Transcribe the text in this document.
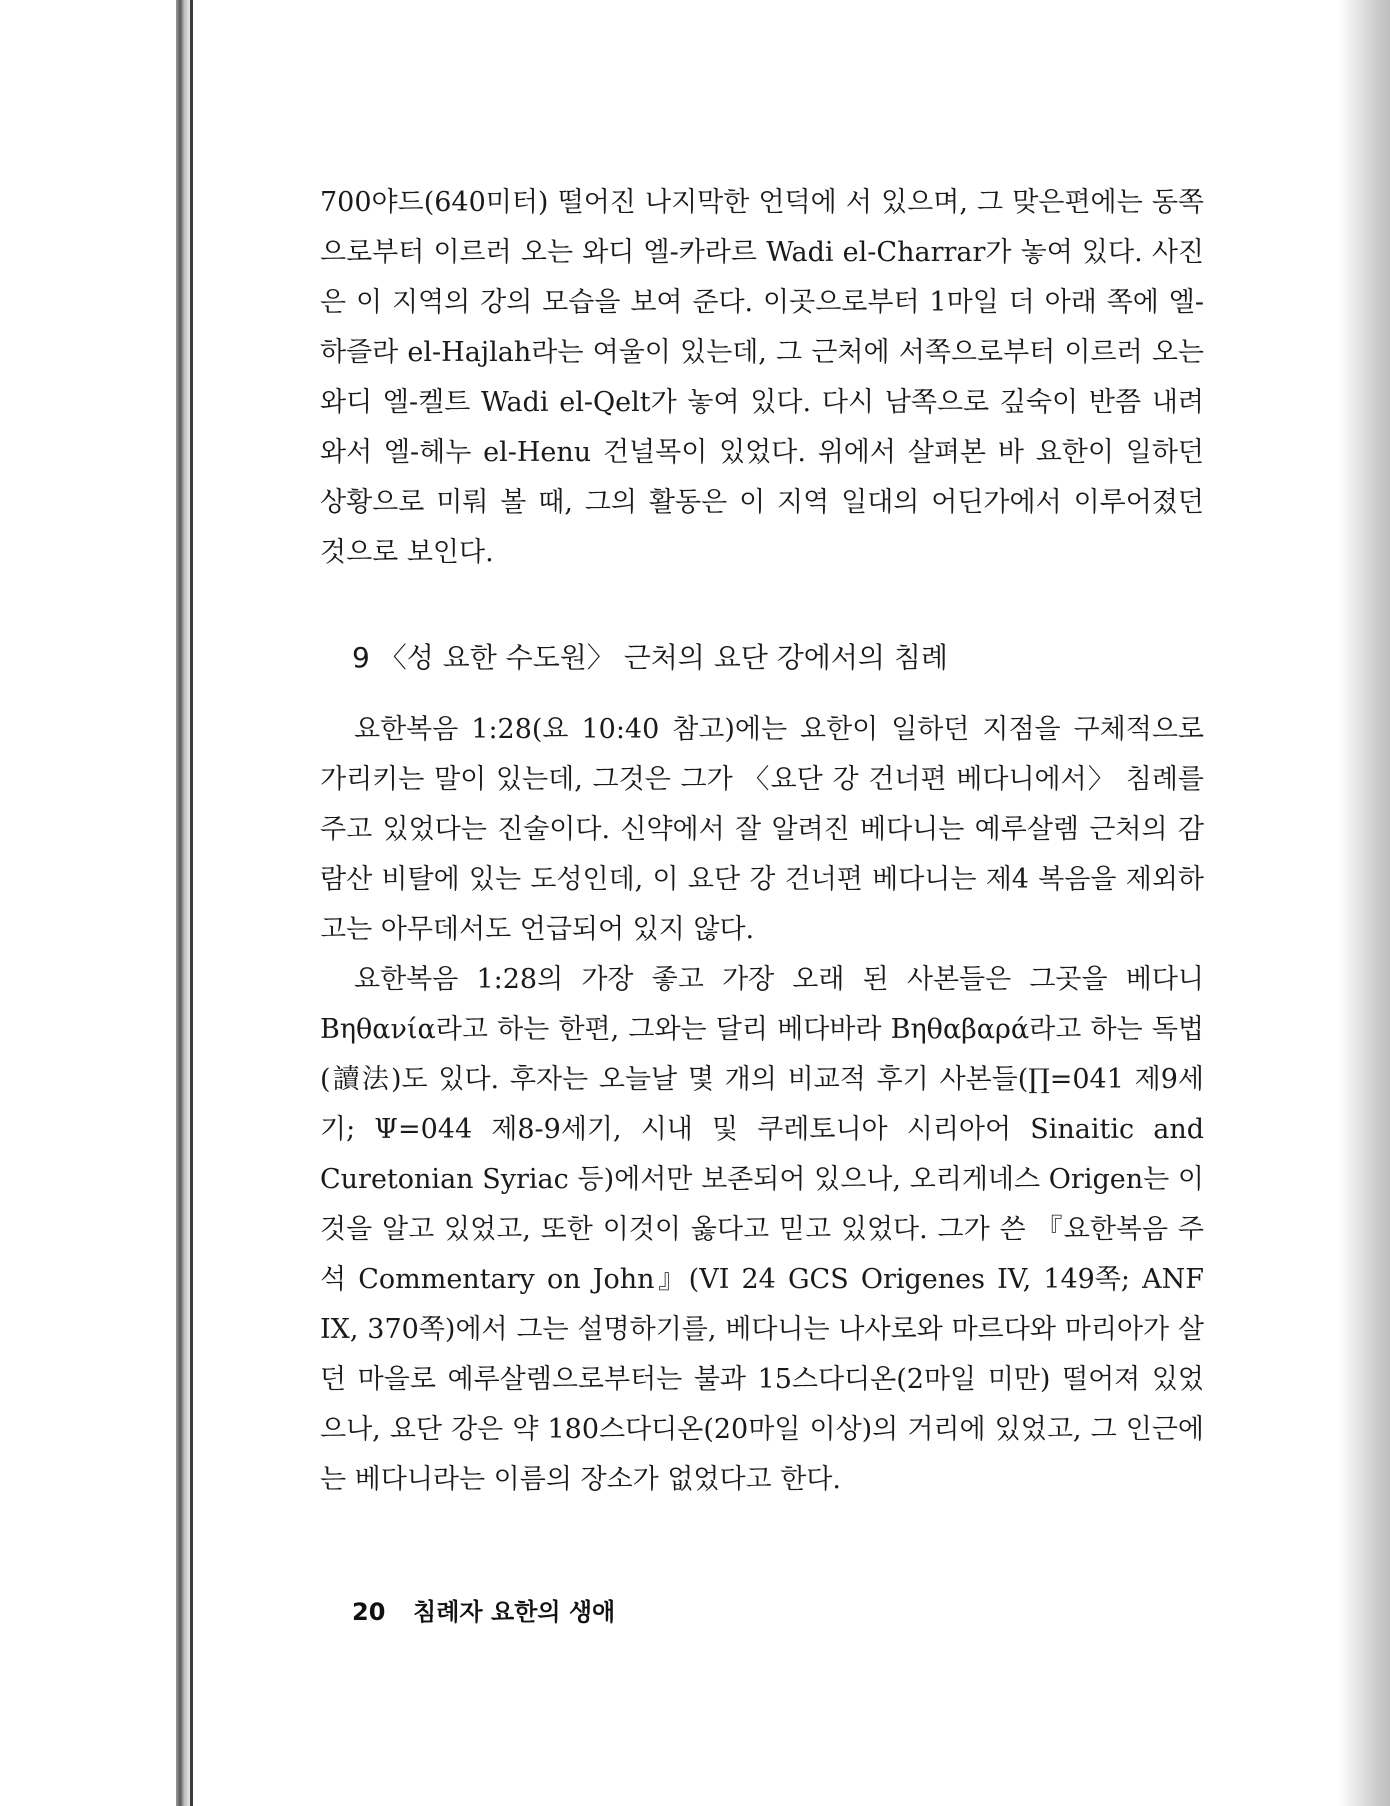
700야드(640미터) 떨어진 나지막한 언덕에 서 있으며, 그 맞은편에는 동쪽으로부터 이르러 오는 와디 엘-카라르 Wadi el-Charrar가 놓여 있다. 사진은 이 지역의 강의 모습을 보여 준다. 이곳으로부터 1마일 더 아래 쪽에 엘-하즐라 el-Hajlah라는 여울이 있는데, 그 근처에 서쪽으로부터 이르러 오는 와디 엘-켈트 Wadi el-Qelt가 놓여 있다. 다시 남쪽으로 깊숙이 반쯤 내려와서 엘-헤누 el-Henu 건널목이 있었다. 위에서 살펴본 바 요한이 일하던 상황으로 미뤄 볼 때, 그의 활동은 이 지역 일대의 어딘가에서 이루어졌던 것으로 보인다.

9 〈성 요한 수도원〉 근처의 요단 강에서의 침례

요한복음 1:28(요 10:40 참고)에는 요한이 일하던 지점을 구체적으로 가리키는 말이 있는데, 그것은 그가 〈요단 강 건너편 베다니에서〉 침례를 주고 있었다는 진술이다. 신약에서 잘 알려진 베다니는 예루살렘 근처의 감람산 비탈에 있는 도성인데, 이 요단 강 건너편 베다니는 제4 복음을 제외하고는 아무데서도 언급되어 있지 않다.

요한복음 1:28의 가장 좋고 가장 오래 된 사본들은 그곳을 베다니 Βηθανία라고 하는 한편, 그와는 달리 베다바라 Βηθαβαρά라고 하는 독법(讀法)도 있다. 후자는 오늘날 몇 개의 비교적 후기 사본들(∏=041 제9세기; Ψ=044 제8-9세기, 시내 및 쿠레토니아 시리아어 Sinaitic and Curetonian Syriac 등)에서만 보존되어 있으나, 오리게네스 Origen는 이것을 알고 있었고, 또한 이것이 옳다고 믿고 있었다. 그가 쓴 『요한복음 주석 Commentary on John』(VI 24 GCS Origenes IV, 149쪽; ANF IX, 370쪽)에서 그는 설명하기를, 베다니는 나사로와 마르다와 마리아가 살던 마을로 예루살렘으로부터는 불과 15스다디온(2마일 미만) 떨어져 있었으나, 요단 강은 약 180스다디온(20마일 이상)의 거리에 있었고, 그 인근에는 베다니라는 이름의 장소가 없었다고 한다.

20 침례자 요한의 생애
